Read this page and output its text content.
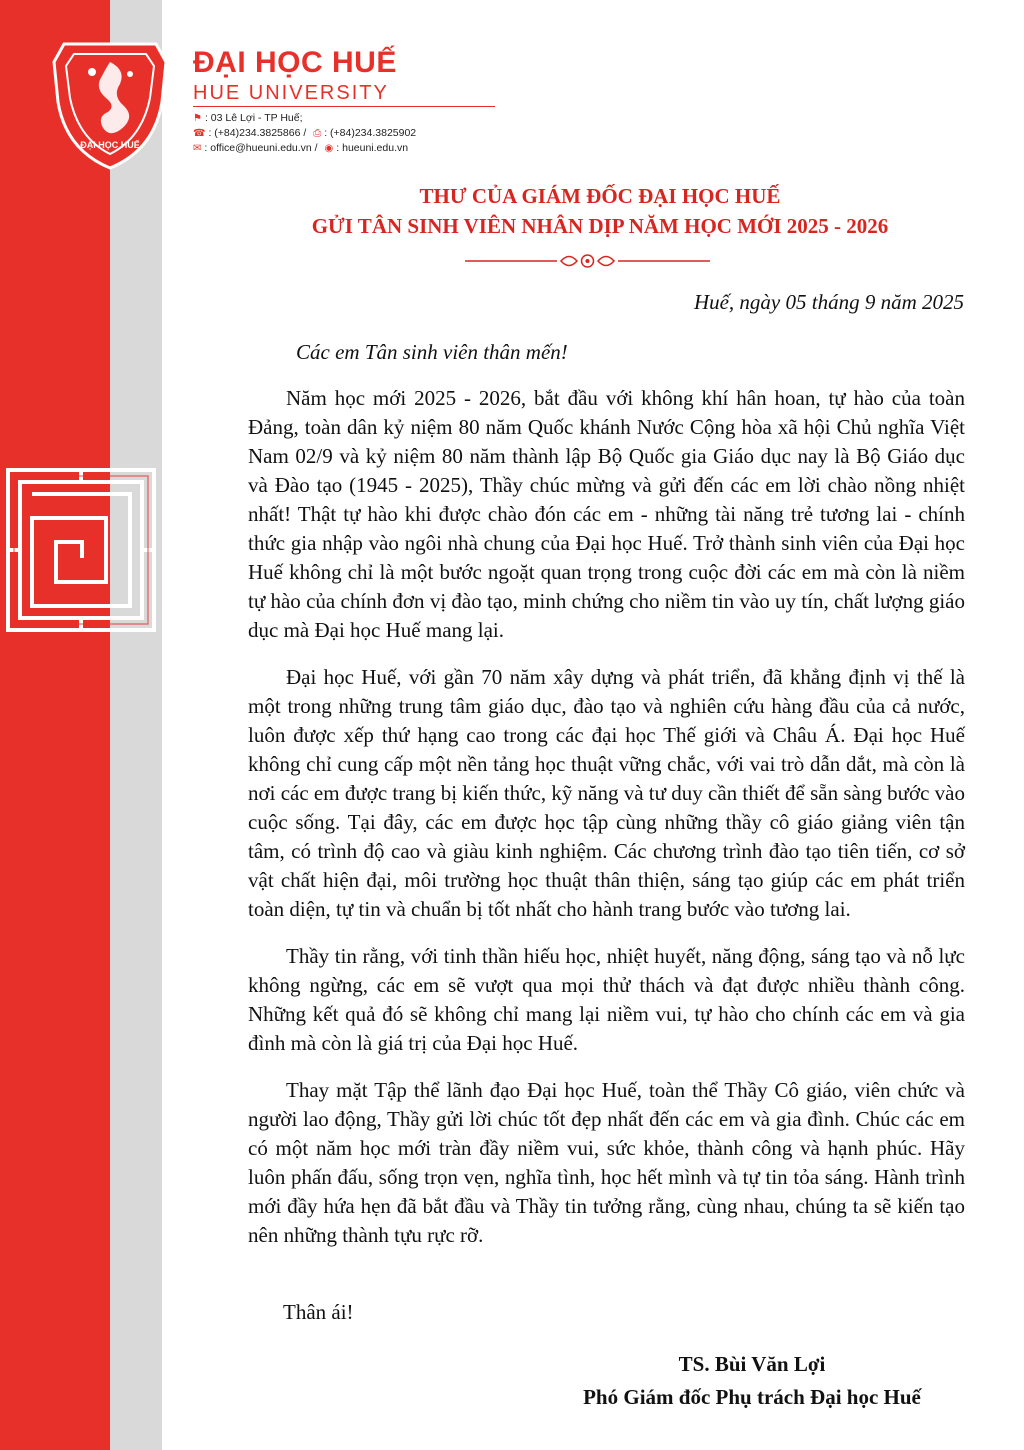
ĐẠI HỌC HUẾ
ĐẠI HỌC HUẾ
HUE UNIVERSITY
⚑ : 03 Lê Lợi - TP Huế;
☎ : (+84)234.3825866 / ⎙ : (+84)234.3825902
✉ : office@hueuni.edu.vn / ◉ : hueuni.edu.vn
THƯ CỦA GIÁM ĐỐC ĐẠI HỌC HUẾ
GỬI TÂN SINH VIÊN NHÂN DỊP NĂM HỌC MỚI 2025 - 2026
Huế, ngày 05 tháng 9 năm 2025
Các em Tân sinh viên thân mến!

Năm học mới 2025 - 2026, bắt đầu với không khí hân hoan, tự hào của toàn Đảng, toàn dân kỷ niệm 80 năm Quốc khánh Nước Cộng hòa xã hội Chủ nghĩa Việt Nam 02/9 và kỷ niệm 80 năm thành lập Bộ Quốc gia Giáo dục nay là Bộ Giáo dục và Đào tạo (1945 - 2025), Thầy chúc mừng và gửi đến các em lời chào nồng nhiệt nhất! Thật tự hào khi được chào đón các em - những tài năng trẻ tương lai - chính thức gia nhập vào ngôi nhà chung của Đại học Huế. Trở thành sinh viên của Đại học Huế không chỉ là một bước ngoặt quan trọng trong cuộc đời các em mà còn là niềm tự hào của chính đơn vị đào tạo, minh chứng cho niềm tin vào uy tín, chất lượng giáo dục mà Đại học Huế mang lại.

Đại học Huế, với gần 70 năm xây dựng và phát triển, đã khẳng định vị thế là một trong những trung tâm giáo dục, đào tạo và nghiên cứu hàng đầu của cả nước, luôn được xếp thứ hạng cao trong các đại học Thế giới và Châu Á. Đại học Huế không chỉ cung cấp một nền tảng học thuật vững chắc, với vai trò dẫn dắt, mà còn là nơi các em được trang bị kiến thức, kỹ năng và tư duy cần thiết để sẵn sàng bước vào cuộc sống. Tại đây, các em được học tập cùng những thầy cô giáo giảng viên tận tâm, có trình độ cao và giàu kinh nghiệm. Các chương trình đào tạo tiên tiến, cơ sở vật chất hiện đại, môi trường học thuật thân thiện, sáng tạo giúp các em phát triển toàn diện, tự tin và chuẩn bị tốt nhất cho hành trang bước vào tương lai.

Thầy tin rằng, với tinh thần hiếu học, nhiệt huyết, năng động, sáng tạo và nỗ lực không ngừng, các em sẽ vượt qua mọi thử thách và đạt được nhiều thành công. Những kết quả đó sẽ không chỉ mang lại niềm vui, tự hào cho chính các em và gia đình mà còn là giá trị của Đại học Huế.

Thay mặt Tập thể lãnh đạo Đại học Huế, toàn thể Thầy Cô giáo, viên chức và người lao động, Thầy gửi lời chúc tốt đẹp nhất đến các em và gia đình. Chúc các em có một năm học mới tràn đầy niềm vui, sức khỏe, thành công và hạnh phúc. Hãy luôn phấn đấu, sống trọn vẹn, nghĩa tình, học hết mình và tự tin tỏa sáng. Hành trình mới đầy hứa hẹn đã bắt đầu và Thầy tin tưởng rằng, cùng nhau, chúng ta sẽ kiến tạo nên những thành tựu rực rỡ.

Thân ái!
TS. Bùi Văn Lợi
Phó Giám đốc Phụ trách Đại học Huế
